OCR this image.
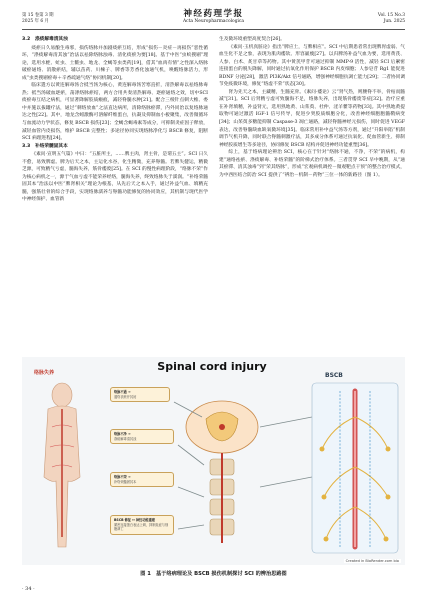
第 15 卷第 3 期
2025 年 6 月
神经药理学报
Acta Neuropharmacologica
Vol. 15 No.3
Jun. 2025
3.2　涤痰解毒清其浊

痰瘀日久易酿生毒邪，损伤络脉并加剧痰瘀互结，形成“损伤－炎症－再损伤”恶性循环，“涤痰解毒清其浊”治法以祛除络脉浊毒、清化痰瘀为要[18]。基于中医“虫蚁搜剔”理论，选用水蛭、虻虫、土鳖虫、地龙、全蝎等虫类药[19]，借其“血肉有情”之性深入络脉破瘀通络、消散瘀结，辅以苗药、川楝子、牌香等芳香化浊通气机，唤醒络脉活力，形成“虫类搜剔瘀毒＋辛香疏通气络”协同机制[20]。

临床遣方以黄连解毒汤合抵当汤为核心，黄连解毒汤苦寒直折，清热解毒以祛络脉毒热；抵当汤破血逐瘀，荡涤络脉瘀结，两方合用共奏清热解毒、逐瘀通络之效，切中SCI 痰瘀毒互结之病机，可显著降解胶质瘢痕，减轻脊髓水肿[21]。配合三棱针点刺大椎、委中并施以拔罐疗法，通过“刺络放血”之法直达病所，清除络脉瘀滞，内外同治以复络脉通达之性[22]。其中，地龙含蚓激酶可溶解纤维蛋白，抗凝及抑制血小板聚集，改善微循环与血流动力学状态，修复 BSCB 损伤[23]；全蝎含蝎毒素等成分，可抑制炎症因子释放，减轻血管内皮损伤，维护 BSCB 完整性；多途径协同实现络脉净化与 BSCB 修复，阻断 SCI 病理进程[24]。

3.3　补络荣髓固其本

《素问·宣明五气篇》中曰：“五脏所主，……脾主肉，肾主骨，是谓五主”。SCI 日久不愈，易致脾虚。脾为后天之本，主运化水谷，化生精微，充养脊髓。若脾失健运，精微乏源，可致精气亏虚，髓海失养，筋骨痿废[25]。在 SCI 的慢性病理阶段，“络脉不荣”作为核心病机之一，源于气血亏虚不能荣养经络，髓海失养，终致络脉失于濡润。“补络荣髓固其本”治法以中医“脾肾相关”理论为根基，从先后天之本入手，通过补益气血、填精充髓，强筋壮骨的综合手段，实现络脉濡养与脊髓功能修复的协同效应，其机制与现代医学中神经保护、血管新

生及微环境重塑高度契合[26]。

《素问·玉机真脏论》指出“脾应土，与脾相应”。SCI 中后期患者常出现脾胃虚弱、气血生化不足之象，表现为肌肉痿软、形容羸瘦[27]。以归脾汤补益气血为要，选用黄芪、人参、白术、炙甘草等药物。其中黄芪甲苷可通过抑制 MMP-9 活性，减轻 SCI 后紧密连接蛋白的脱失降解，同时通过抗氧化作用保护 BSCB 内皮细胞；人参皂苷 Rg1 能促进 BDNF 分泌[28]，激活 PI3K/Akt 信号通路，增强神经细胞抗凋亡能力[29]；二者协同调节免疫微环境，修复“络虚不荣”状态[30]。

肾为先天之本，主藏精，生髓充骨。《素问·痿论》云“肾气热，则腰脊不举，骨枯而髓减”[31]。SCI 后肾精亏虚可致髓海不足，络脉失养，出现筋骨痿废等症[32]。治疗应重在补肾填精，补益肾元，选用熟地黄、山茱萸、杜仲、淫羊藿等药物[33]。其中熟地黄提取物可通过激活 IGF-1 信号传导，促进少突胶质细胞分化，改善神经细胞胞髓鞘病变[34]；山茱萸多糖能抑制 Caspase-3 凋亡通路，减轻脊髓神经元损伤，同时促进 VEGF 表达，改善脊髓缺血缺氧微环境[35]。临床常用补中益气汤等方剂，通过“升阳举陷”机制调节气机升降，同时联合脊髓刺激疗法，其多成分体系可通过抗氧化、促血管新生、抑制神经胶质增生等多途径，协同修复 BSCB 结构并促进神经功能重塑[36]。

综上，基于络病理论辨治 SCI，核心在于针对“络脉不通，不净，不荣”的病机，构建“通络祛瘀、涤痰解毒、补络荣髓”的阶梯式治疗体系。三者贯穿 SCI 早中晚期，从“通其瘀滞、清其浊毒”到“荣其络脉”，形成“宏观病机调控－微观靶点干预”的整合治疗模式，为中西医结合防治 SCI 提供了“辨治－机制－药物”三位一体的新路径（图 1）。

Spinal cord injury
络脉失养	BSCB
络脉不通 →
通络祛瘀开其闭
络脉不净 →
涤痰解毒清其浊
络脉不荣 →
补络荣髓固其本
BSCB 修复 ↔ 神经功能重建
紧密连接蛋白表达上调，抑制炎症与细胞凋亡
Created in BioRender.com bio
图 1　基于络病理论及 BSCB 损伤机制探讨 SCI 的辨治思路图
· 34 ·
